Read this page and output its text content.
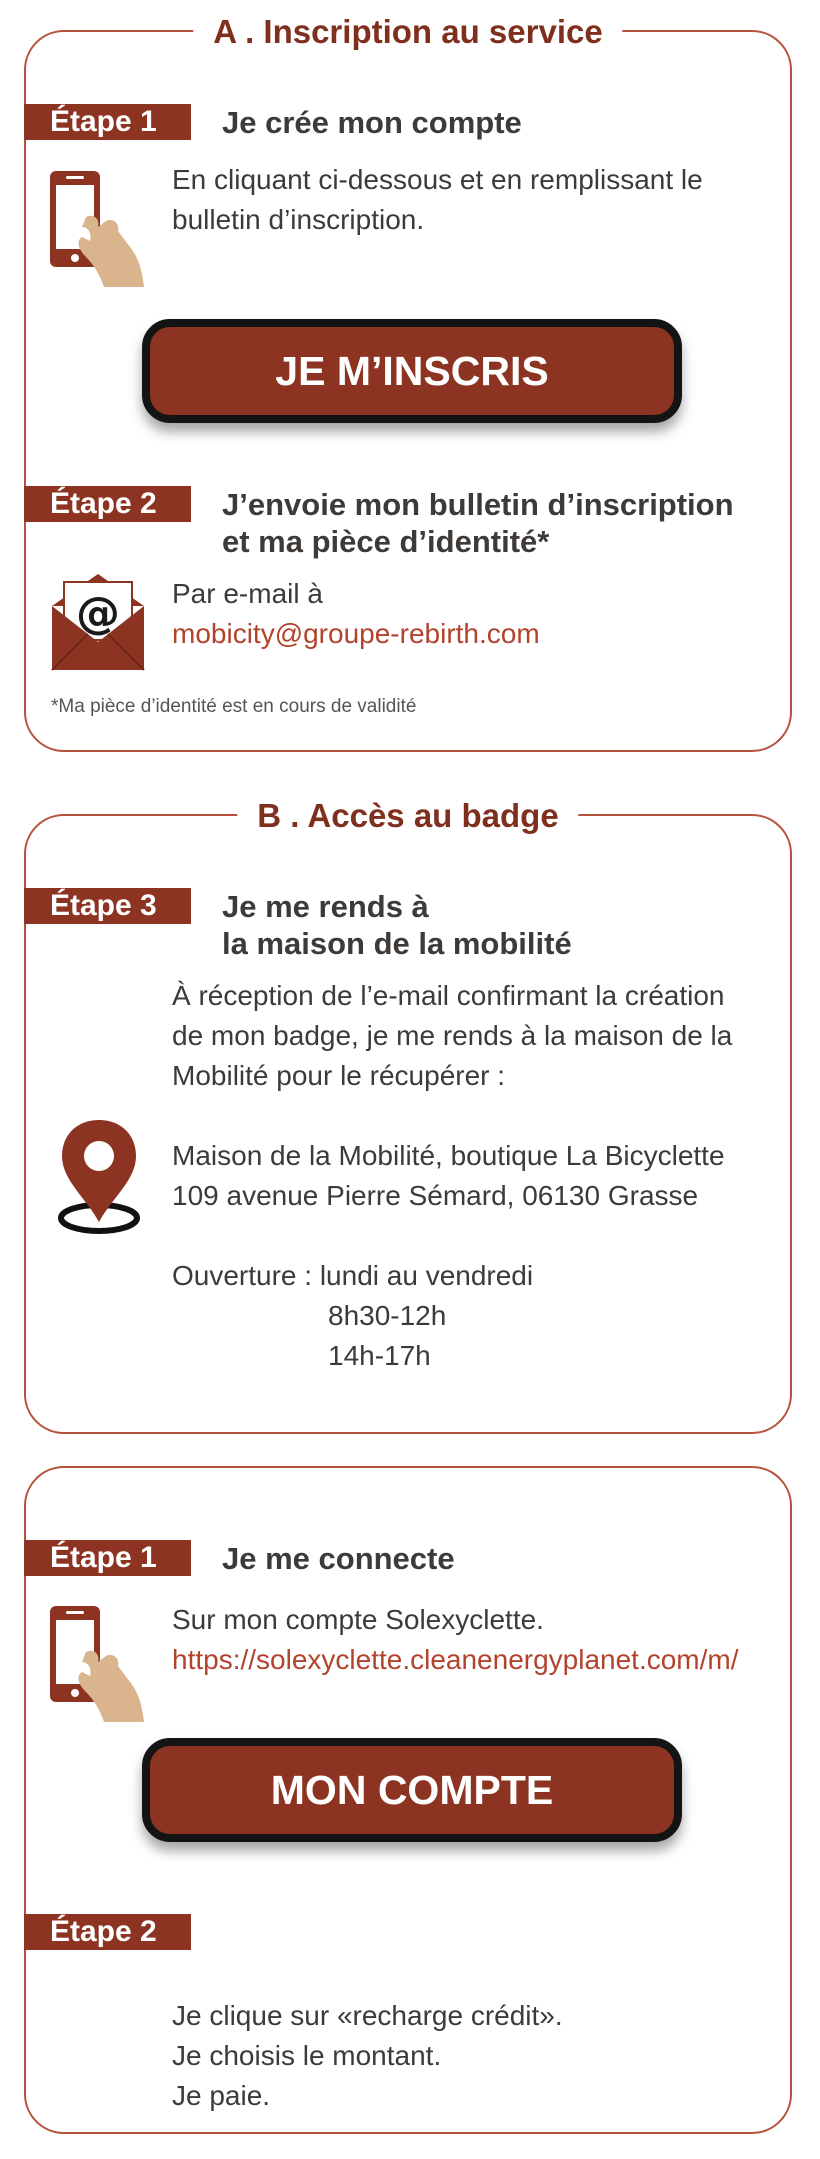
A . Inscription au service
Étape 1	Je crée mon compte
En cliquant ci-dessous et en remplissant le
bulletin d’inscription.
JE M’INSCRIS
Étape 2	J’envoie mon bulletin d’inscription
et ma pièce d’identité*
@ Par e-mail à
mobicity@groupe-rebirth.com
*Ma pièce d’identité est en cours de validité
B . Accès au badge
Étape 3	Je me rends à
la maison de la mobilité
À réception de l’e-mail confirmant la création
de mon badge, je me rends à la maison de la
Mobilité pour le récupérer :
Maison de la Mobilité, boutique La Bicyclette
109 avenue Pierre Sémard, 06130 Grasse
Ouverture : lundi au vendredi
8h30-12h
14h-17h
Étape 1	Je me connecte
Sur mon compte Solexyclette.
https://solexyclette.cleanenergyplanet.com/m/
MON COMPTE
Étape 2
Je clique sur «recharge crédit».
Je choisis le montant.
Je paie.
